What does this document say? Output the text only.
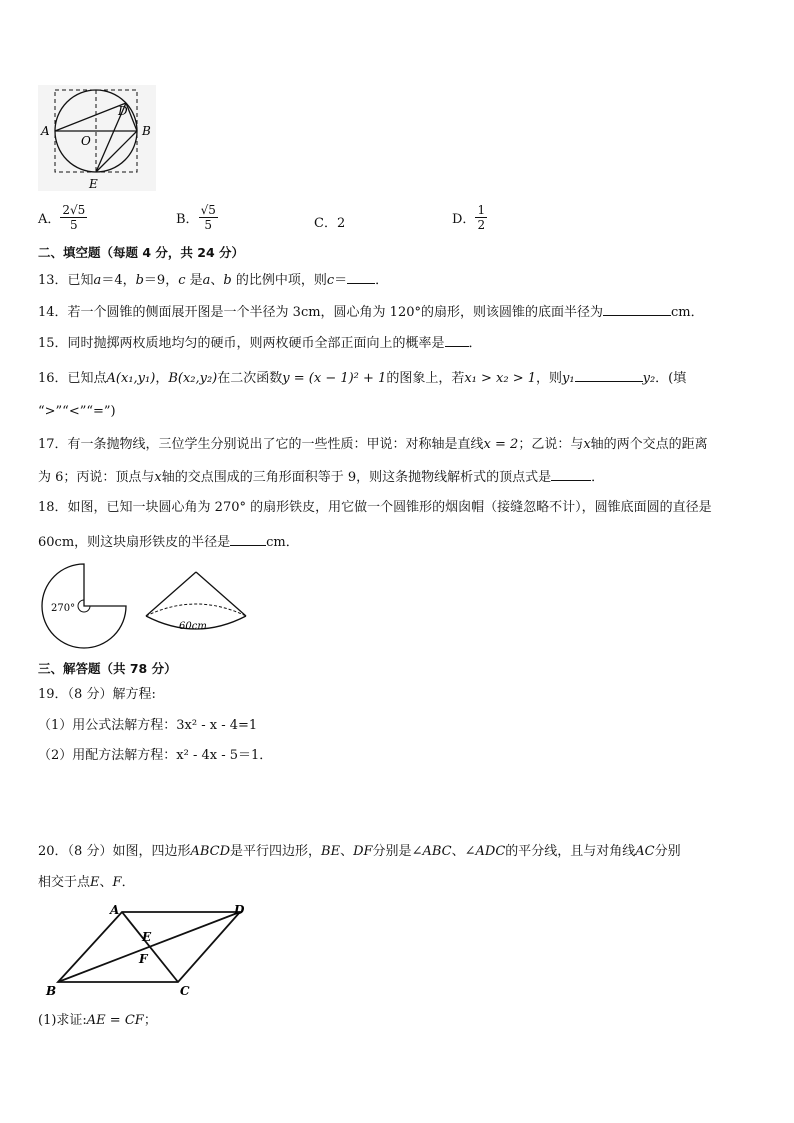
A	B
D
O
E
A． $\frac{2√5}{5}$	B． $\frac{√5}{5}$	C．2	D． $\frac{1}{2}$
二、填空题（每题 4 分，共 24 分）
13．已知a＝4，b＝9，c 是a、b 的比例中项，则c＝ ．
14．若一个圆锥的侧面展开图是一个半径为 3cm，圆心角为 120°的扇形，则该圆锥的底面半径为	cm．
15．同时抛掷两枚质地均匀的硬币，则两枚硬币全部正面向上的概率是 ．
16．已知点A(x₁,y₁)，B(x₂,y₂)在二次函数y = (x − 1)² + 1的图象上，若x₁ > x₂ > 1，则y₁	y₂．(填
“>”“<”“=”)
17．有一条抛物线，三位学生分别说出了它的一些性质：甲说：对称轴是直线x = 2；乙说：与x轴的两个交点的距离
为 6；丙说：顶点与x轴的交点围成的三角形面积等于 9，则这条抛物线解析式的顶点式是	．
18．如图，已知一块圆心角为 270° 的扇形铁皮，用它做一个圆锥形的烟囱帽（接缝忽略不计），圆锥底面圆的直径是
60cm，则这块扇形铁皮的半径是	cm．
270°
60cm
三、解答题（共 78 分）
19．（8 分）解方程:
（1）用公式法解方程：3x² - x - 4=1
（2）用配方法解方程：x² - 4x - 5＝1．
20．（8 分）如图，四边形ABCD是平行四边形，BE、DF分别是∠ABC、∠ADC的平分线，且与对角线AC分别
相交于点E、F．
A	D
B	C
E
F
(1)求证:AE = CF；
